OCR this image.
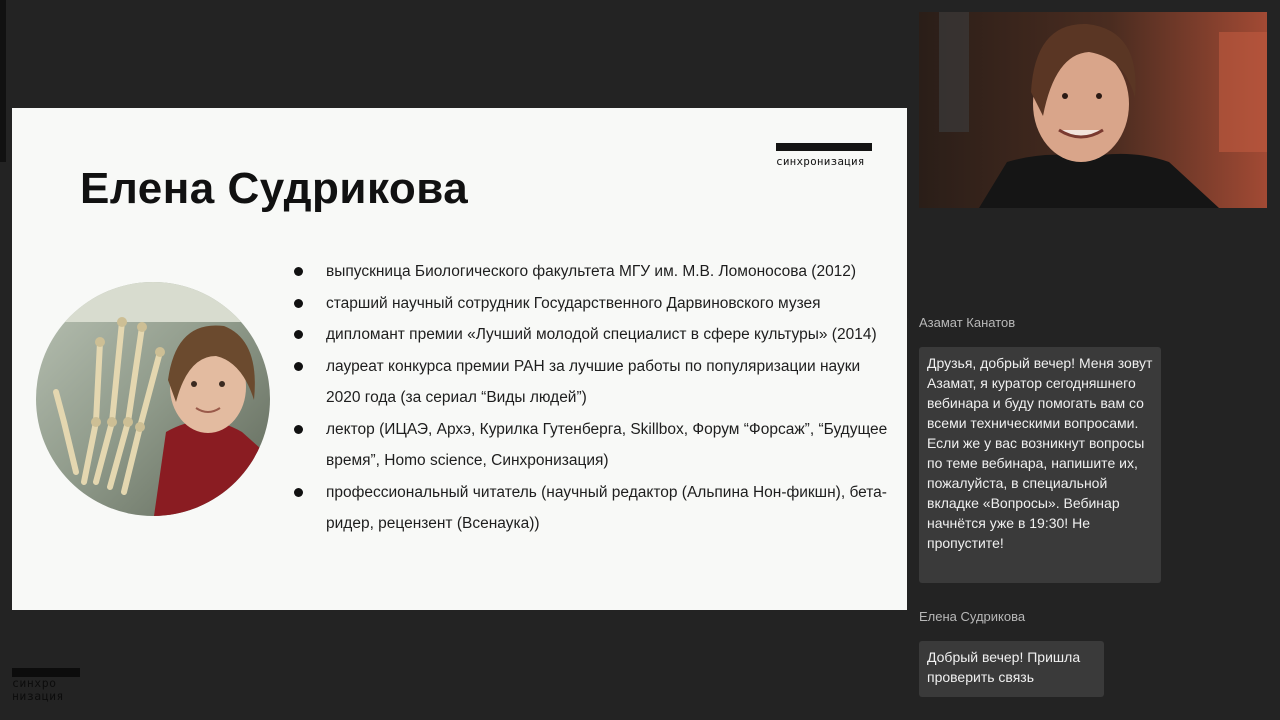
синхронизация
Елена Судрикова
выпускница Биологического факультета МГУ им. М.В. Ломоносова (2012)
старший научный сотрудник Государственного Дарвиновского музея
дипломант премии «Лучший молодой специалист в сфере культуры» (2014)
лауреат конкурса премии РАН за лучшие работы по популяризации науки 2020 года (за сериал “Виды людей”)
лектор (ИЦАЭ, Архэ, Курилка Гутенберга, Skillbox, Форум “Форсаж”, “Будущее время”, Homo science, Синхронизация)
профессиональный читатель (научный редактор (Альпина Нон-фикшн), бета-ридер, рецензент (Всенаука))
Азамат Канатов
Друзья, добрый вечер! Меня зовут Азамат, я куратор сегодняшнего вебинара и буду помогать вам со всеми техническими вопросами. Если же у вас возникнут вопросы по теме вебинара, напишите их, пожалуйста, в специальной вкладке «Вопросы». Вебинар начнётся уже в 19:30! Не пропустите!
Елена Судрикова
Добрый вечер! Пришла проверить связь
синхро
низация
